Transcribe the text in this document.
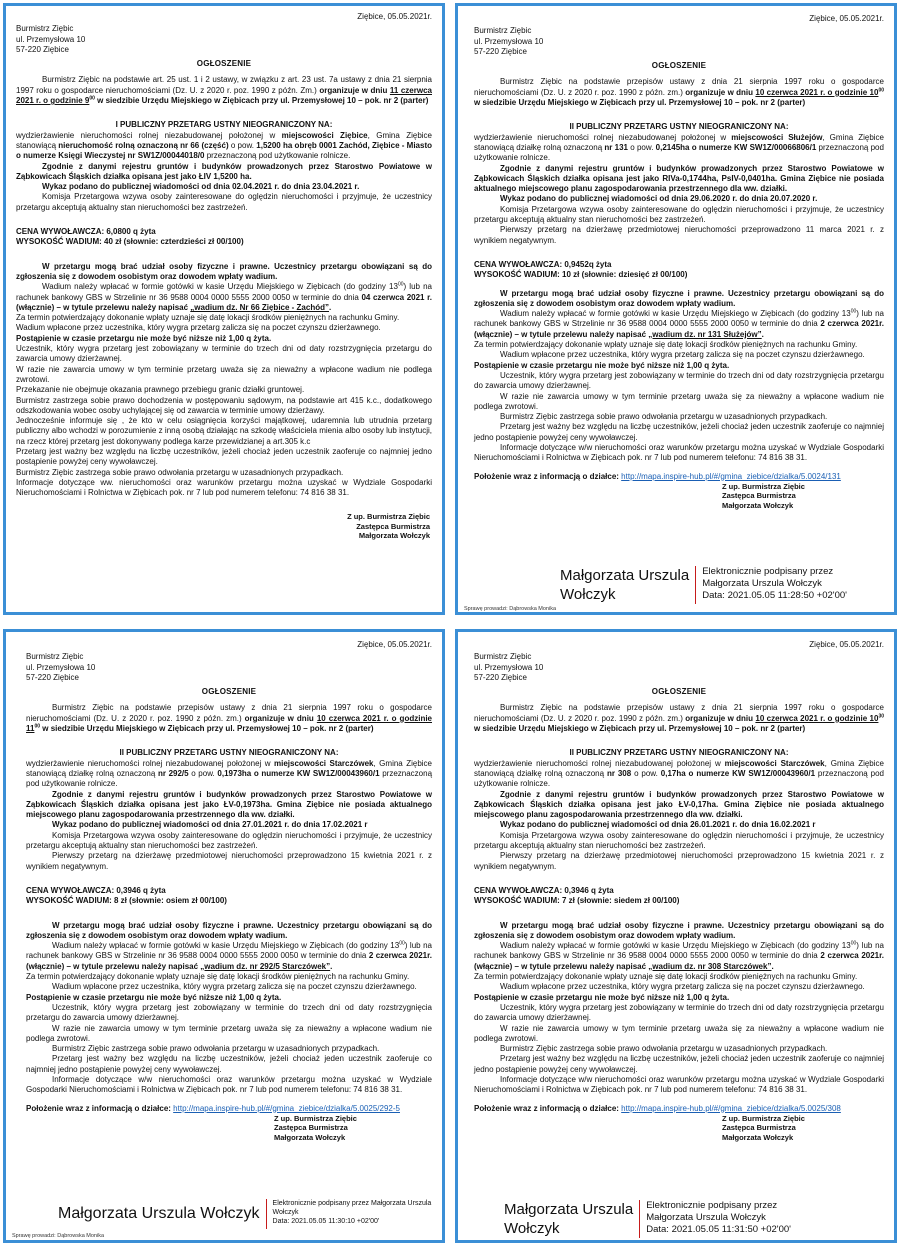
Ziębice, 05.05.2021r.
Burmistrz Ziębic
ul. Przemysłowa 10
57-220 Ziębice
OGŁOSZENIE

Burmistrz Ziębic na podstawie art. 25 ust. 1 i 2 ustawy, w związku z art. 23 ust. 7a ustawy z dnia 21 sierpnia 1997 roku o gospodarce nieruchomościami (Dz. U. z 2020 r. poz. 1990 z późn. Zm.) organizuje w dniu 11 czerwca 2021 r. o godzinie $9^{00}$ w siedzibie Urzędu Miejskiego w Ziębicach przy ul. Przemysłowej 10 – pok. nr 2 (parter)

I PUBLICZNY PRZETARG USTNY NIEOGRANICZONY NA:

wydzierżawienie nieruchomości rolnej niezabudowanej położonej w miejscowości Ziębice, Gmina Ziębice stanowiącą nieruchomość rolną oznaczoną nr 66 (część) o pow. 1,5200 ha obręb 0001 Zachód, Ziębice - Miasto o numerze Księgi Wieczystej nr SW1Z/00044018/0 przeznaczoną pod użytkowanie rolnicze.

Zgodnie z danymi rejestru gruntów i budynków prowadzonych przez Starostwo Powiatowe w Ząbkowicach Śląskich działka opisana jest jako ŁIV 1,5200 ha.

Wykaz podano do publicznej wiadomości od dnia 02.04.2021 r. do dnia 23.04.2021 r.

Komisja Przetargowa wzywa osoby zainteresowane do oględzin nieruchomości i przyjmuje, że uczestnicy przetargu akceptują aktualny stan nieruchomości bez zastrzeżeń.

CENA WYWOŁAWCZA: 6,0800 q żyta
WYSOKOŚĆ WADIUM: 40 zł (słownie: czterdzieści zł 00/100)

W przetargu mogą brać udział osoby fizyczne i prawne. Uczestnicy przetargu obowiązani są do zgłoszenia się z dowodem osobistym oraz dowodem wpłaty wadium.

Wadium należy wpłacać w formie gotówki w kasie Urzędu Miejskiego w Ziębicach (do godziny $13^{00}$) lub na rachunek bankowy GBS w Strzelinie nr 36 9588 0004 0000 5555 2000 0050 w terminie do dnia 04 czerwca 2021 r. (włącznie) – w tytule przelewu należy napisać „wadium dz. Nr 66 Ziębice - Zachód”.

Za termin potwierdzający dokonanie wpłaty uznaje się datę lokacji środków pieniężnych na rachunku Gminy.

Wadium wpłacone przez uczestnika, który wygra przetarg zalicza się na poczet czynszu dzierżawnego.

Postąpienie w czasie przetargu nie może być niższe niż 1,00 q żyta.

Uczestnik, który wygra przetarg jest zobowiązany w terminie do trzech dni od daty rozstrzygnięcia przetargu do zawarcia umowy dzierżawnej.

W razie nie zawarcia umowy w tym terminie przetarg uważa się za nieważny a wpłacone wadium nie podlega zwrotowi.

Przekazanie nie obejmuje okazania prawnego przebiegu granic działki gruntowej.

Burmistrz zastrzega sobie prawo dochodzenia w postępowaniu sądowym, na podstawie art 415 k.c., dodatkowego odszkodowania wobec osoby uchylającej się od zawarcia w terminie umowy dzierżawy.

Jednocześnie informuje się , że kto w celu osiągnięcia korzyści majątkowej, udaremnia lub utrudnia przetarg publiczny albo wchodzi w porozumienie z inną osobą działając na szkodę właściciela mienia albo osoby lub instytucji, na rzecz której przetarg jest dokonywany podlega karze przewidzianej a art.305 k.c

Przetarg jest ważny bez względu na liczbę uczestników, jeżeli chociaż jeden uczestnik zaoferuje co najmniej jedno postąpienie powyżej ceny wywoławczej.

Burmistrz Ziębic zastrzega sobie prawo odwołania przetargu w uzasadnionych przypadkach.

Informacje dotyczące ww. nieruchomości oraz warunków przetargu można uzyskać w Wydziale Gospodarki Nieruchomościami i Rolnictwa w Ziębicach pok. nr 7 lub pod numerem telefonu: 74 816 38 31.

Z up. Burmistrza Ziębic
Zastępca Burmistrza
Małgorzata Wołczyk
Ziębice, 05.05.2021r.
Burmistrz Ziębic
ul. Przemysłowa 10
57-220 Ziębice
OGŁOSZENIE

Burmistrz Ziębic na podstawie przepisów ustawy z dnia 21 sierpnia 1997 roku o gospodarce nieruchomościami (Dz. U. z 2020 r. poz. 1990 z późn. zm.) organizuje w dniu 10 czerwca 2021 r. o godzinie $10^{00}$ w siedzibie Urzędu Miejskiego w Ziębicach przy ul. Przemysłowej 10 – pok. nr 2 (parter)

II PUBLICZNY PRZETARG USTNY NIEOGRANICZONY NA:

wydzierżawienie nieruchomości rolnej niezabudowanej położonej w miejscowości Służejów, Gmina Ziębice stanowiącą działkę rolną oznaczoną nr 131 o pow. 0,2145ha o numerze KW SW1Z/00066806/1 przeznaczoną pod użytkowanie rolnicze.

Zgodnie z danymi rejestru gruntów i budynków prowadzonych przez Starostwo Powiatowe w Ząbkowicach Śląskich działka opisana jest jako RIVa-0,1744ha, PsIV-0,0401ha. Gmina Ziębice nie posiada aktualnego miejscowego planu zagospodarowania przestrzennego dla ww. działki.

Wykaz podano do publicznej wiadomości od dnia 29.06.2020 r. do dnia 20.07.2020 r.

Komisja Przetargowa wzywa osoby zainteresowane do oględzin nieruchomości i przyjmuje, że uczestnicy przetargu akceptują aktualny stan nieruchomości bez zastrzeżeń.

Pierwszy przetarg na dzierżawę przedmiotowej nieruchomości przeprowadzono 11 marca 2021 r. z wynikiem negatywnym.

CENA WYWOŁAWCZA: 0,9452q żyta
WYSOKOŚĆ WADIUM: 10 zł (słownie: dziesięć zł 00/100)

W przetargu mogą brać udział osoby fizyczne i prawne. Uczestnicy przetargu obowiązani są do zgłoszenia się z dowodem osobistym oraz dowodem wpłaty wadium.

Wadium należy wpłacać w formie gotówki w kasie Urzędu Miejskiego w Ziębicach (do godziny $13^{00}$) lub na rachunek bankowy GBS w Strzelinie nr 36 9588 0004 0000 5555 2000 0050 w terminie do dnia 2 czerwca 2021r. (włącznie) – w tytule przelewu należy napisać „wadium dz. nr 131 Służejów”.

Za termin potwierdzający dokonanie wpłaty uznaje się datę lokacji środków pieniężnych na rachunku Gminy.

Wadium wpłacone przez uczestnika, który wygra przetarg zalicza się na poczet czynszu dzierżawnego.

Postąpienie w czasie przetargu nie może być niższe niż 1,00 q żyta.

Uczestnik, który wygra przetarg jest zobowiązany w terminie do trzech dni od daty rozstrzygnięcia przetargu do zawarcia umowy dzierżawnej.

W razie nie zawarcia umowy w tym terminie przetarg uważa się za nieważny a wpłacone wadium nie podlega zwrotowi.

Burmistrz Ziębic zastrzega sobie prawo odwołania przetargu w uzasadnionych przypadkach.

Przetarg jest ważny bez względu na liczbę uczestników, jeżeli chociaż jeden uczestnik zaoferuje co najmniej jedno postąpienie powyżej ceny wywoławczej.

Informacje dotyczące w/w nieruchomości oraz warunków przetargu można uzyskać w Wydziale Gospodarki Nieruchomościami i Rolnictwa w Ziębicach pok. nr 7 lub pod numerem telefonu: 74 816 38 31.

Położenie wraz z informacją o działce: http://mapa.inspire-hub.pl/#/gmina_ziebice/dzialka/5.0024/131

Z up. Burmistrza Ziębic
Zastępca Burmistrza
Małgorzata Wołczyk
Małgorzata Urszula
Wołczyk
Elektronicznie podpisany przez
Małgorzata Urszula Wołczyk
Data: 2021.05.05 11:28:50 +02'00'
Sprawę prowadzi: Dąbrowska Monika
Ziębice, 05.05.2021r.
Burmistrz Ziębic
ul. Przemysłowa 10
57-220 Ziębice
OGŁOSZENIE

Burmistrz Ziębic na podstawie przepisów ustawy z dnia 21 sierpnia 1997 roku o gospodarce nieruchomościami (Dz. U. z 2020 r. poz. 1990 z późn. zm.) organizuje w dniu 10 czerwca 2021 r. o godzinie $11^{00}$ w siedzibie Urzędu Miejskiego w Ziębicach przy ul. Przemysłowej 10 – pok. nr 2 (parter)

II PUBLICZNY PRZETARG USTNY NIEOGRANICZONY NA:

wydzierżawienie nieruchomości rolnej niezabudowanej położonej w miejscowości Starczówek, Gmina Ziębice stanowiącą działkę rolną oznaczoną nr 292/5 o pow. 0,1973ha o numerze KW SW1Z/00043960/1 przeznaczoną pod użytkowanie rolnicze.

Zgodnie z danymi rejestru gruntów i budynków prowadzonych przez Starostwo Powiatowe w Ząbkowicach Śląskich działka opisana jest jako ŁV-0,1973ha. Gmina Ziębice nie posiada aktualnego miejscowego planu zagospodarowania przestrzennego dla ww. działki.

Wykaz podano do publicznej wiadomości od dnia 27.01.2021 r. do dnia 17.02.2021 r

Komisja Przetargowa wzywa osoby zainteresowane do oględzin nieruchomości i przyjmuje, że uczestnicy przetargu akceptują aktualny stan nieruchomości bez zastrzeżeń.

Pierwszy przetarg na dzierżawę przedmiotowej nieruchomości przeprowadzono 15 kwietnia 2021 r. z wynikiem negatywnym.

CENA WYWOŁAWCZA: 0,3946 q żyta
WYSOKOŚĆ WADIUM: 8 zł (słownie: osiem zł 00/100)

W przetargu mogą brać udział osoby fizyczne i prawne. Uczestnicy przetargu obowiązani są do zgłoszenia się z dowodem osobistym oraz dowodem wpłaty wadium.

Wadium należy wpłacać w formie gotówki w kasie Urzędu Miejskiego w Ziębicach (do godziny $13^{00}$) lub na rachunek bankowy GBS w Strzelinie nr 36 9588 0004 0000 5555 2000 0050 w terminie do dnia 2 czerwca 2021r. (włącznie) – w tytule przelewu należy napisać „wadium dz. nr 292/5 Starczówek”.

Za termin potwierdzający dokonanie wpłaty uznaje się datę lokacji środków pieniężnych na rachunku Gminy.

Wadium wpłacone przez uczestnika, który wygra przetarg zalicza się na poczet czynszu dzierżawnego.

Postąpienie w czasie przetargu nie może być niższe niż 1,00 q żyta.

Uczestnik, który wygra przetarg jest zobowiązany w terminie do trzech dni od daty rozstrzygnięcia przetargu do zawarcia umowy dzierżawnej.

W razie nie zawarcia umowy w tym terminie przetarg uważa się za nieważny a wpłacone wadium nie podlega zwrotowi.

Burmistrz Ziębic zastrzega sobie prawo odwołania przetargu w uzasadnionych przypadkach.

Przetarg jest ważny bez względu na liczbę uczestników, jeżeli chociaż jeden uczestnik zaoferuje co najmniej jedno postąpienie powyżej ceny wywoławczej.

Informacje dotyczące w/w nieruchomości oraz warunków przetargu można uzyskać w Wydziale Gospodarki Nieruchomościami i Rolnictwa w Ziębicach pok. nr 7 lub pod numerem telefonu: 74 816 38 31.

Położenie wraz z informacją o działce: http://mapa.inspire-hub.pl/#/gmina_ziebice/dzialka/5.0025/292-5

Z up. Burmistrza Ziębic
Zastępca Burmistrza
Małgorzata Wołczyk
Małgorzata Urszula Wołczyk
Elektronicznie podpisany przez Małgorzata Urszula
Wołczyk
Data: 2021.05.05 11:30:10 +02'00'
Sprawę prowadzi: Dąbrowska Monika
Ziębice, 05.05.2021r.
Burmistrz Ziębic
ul. Przemysłowa 10
57-220 Ziębice
OGŁOSZENIE

Burmistrz Ziębic na podstawie przepisów ustawy z dnia 21 sierpnia 1997 roku o gospodarce nieruchomościami (Dz. U. z 2020 r. poz. 1990 z późn. zm.) organizuje w dniu 10 czerwca 2021 r. o godzinie $10^{30}$ w siedzibie Urzędu Miejskiego w Ziębicach przy ul. Przemysłowej 10 – pok. nr 2 (parter)

II PUBLICZNY PRZETARG USTNY NIEOGRANICZONY NA:

wydzierżawienie nieruchomości rolnej niezabudowanej położonej w miejscowości Starczówek, Gmina Ziębice stanowiącą działkę rolną oznaczoną nr 308 o pow. 0,17ha o numerze KW SW1Z/00043960/1 przeznaczoną pod użytkowanie rolnicze.

Zgodnie z danymi rejestru gruntów i budynków prowadzonych przez Starostwo Powiatowe w Ząbkowicach Śląskich działka opisana jest jako ŁV-0,17ha. Gmina Ziębice nie posiada aktualnego miejscowego planu zagospodarowania przestrzennego dla ww. działki.

Wykaz podano do publicznej wiadomości od dnia 26.01.2021 r. do dnia 16.02.2021 r

Komisja Przetargowa wzywa osoby zainteresowane do oględzin nieruchomości i przyjmuje, że uczestnicy przetargu akceptują aktualny stan nieruchomości bez zastrzeżeń.

Pierwszy przetarg na dzierżawę przedmiotowej nieruchomości przeprowadzono 15 kwietnia 2021 r. z wynikiem negatywnym.

CENA WYWOŁAWCZA: 0,3946 q żyta
WYSOKOŚĆ WADIUM: 7 zł (słownie: siedem zł 00/100)

W przetargu mogą brać udział osoby fizyczne i prawne. Uczestnicy przetargu obowiązani są do zgłoszenia się z dowodem osobistym oraz dowodem wpłaty wadium.

Wadium należy wpłacać w formie gotówki w kasie Urzędu Miejskiego w Ziębicach (do godziny $13^{00}$) lub na rachunek bankowy GBS w Strzelinie nr 36 9588 0004 0000 5555 2000 0050 w terminie do dnia 2 czerwca 2021r. (włącznie) – w tytule przelewu należy napisać „wadium dz. nr 308 Starczówek”.

Za termin potwierdzający dokonanie wpłaty uznaje się datę lokacji środków pieniężnych na rachunku Gminy.

Wadium wpłacone przez uczestnika, który wygra przetarg zalicza się na poczet czynszu dzierżawnego.

Postąpienie w czasie przetargu nie może być niższe niż 1,00 q żyta.

Uczestnik, który wygra przetarg jest zobowiązany w terminie do trzech dni od daty rozstrzygnięcia przetargu do zawarcia umowy dzierżawnej.

W razie nie zawarcia umowy w tym terminie przetarg uważa się za nieważny a wpłacone wadium nie podlega zwrotowi.

Burmistrz Ziębic zastrzega sobie prawo odwołania przetargu w uzasadnionych przypadkach.

Przetarg jest ważny bez względu na liczbę uczestników, jeżeli chociaż jeden uczestnik zaoferuje co najmniej jedno postąpienie powyżej ceny wywoławczej.

Informacje dotyczące w/w nieruchomości oraz warunków przetargu można uzyskać w Wydziale Gospodarki Nieruchomościami i Rolnictwa w Ziębicach pok. nr 7 lub pod numerem telefonu: 74 816 38 31.

Położenie wraz z informacją o działce: http://mapa.inspire-hub.pl/#/gmina_ziebice/dzialka/5.0025/308

Z up. Burmistrza Ziębic
Zastępca Burmistrza
Małgorzata Wołczyk
Małgorzata Urszula
Wołczyk
Elektronicznie podpisany przez
Małgorzata Urszula Wołczyk
Data: 2021.05.05 11:31:50 +02'00'
